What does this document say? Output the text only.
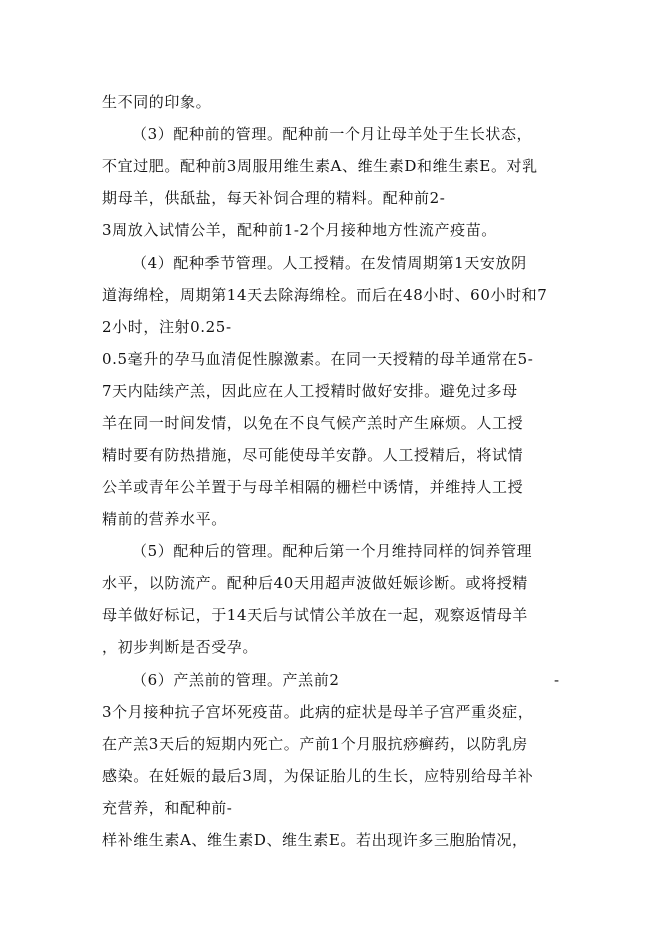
生不同的印象。
（3）配种前的管理。配种前一个月让母羊处于生长状态，
不宜过肥。配种前3周服用维生素A、维生素D和维生素E。对乳
期母羊，供舐盐，每天补饲合理的精料。配种前2-
3周放入试情公羊，配种前1-2个月接种地方性流产疫苗。
（4）配种季节管理。人工授精。在发情周期第1天安放阴
道海绵栓，周期第14天去除海绵栓。而后在48小时、60小时和7
2小时，注射0.25-
0.5毫升的孕马血清促性腺激素。在同一天授精的母羊通常在5-
7天内陆续产羔，因此应在人工授精时做好安排。避免过多母
羊在同一时间发情，以免在不良气候产羔时产生麻烦。人工授
精时要有防热措施，尽可能使母羊安静。人工授精后，将试情
公羊或青年公羊置于与母羊相隔的栅栏中诱情，并维持人工授
精前的营养水平。
（5）配种后的管理。配种后第一个月维持同样的饲养管理
水平，以防流产。配种后40天用超声波做妊娠诊断。或将授精
母羊做好标记，于14天后与试情公羊放在一起，观察返情母羊
，初步判断是否受孕。
（6）产羔前的管理。产羔前2	-
3个月接种抗子宫坏死疫苗。此病的症状是母羊子宫严重炎症，
在产羔3天后的短期内死亡。产前1个月服抗痧癣药，以防乳房
感染。在妊娠的最后3周，为保证胎儿的生长，应特别给母羊补
充营养，和配种前-
样补维生素A、维生素D、维生素E。若出现许多三胞胎情况，
